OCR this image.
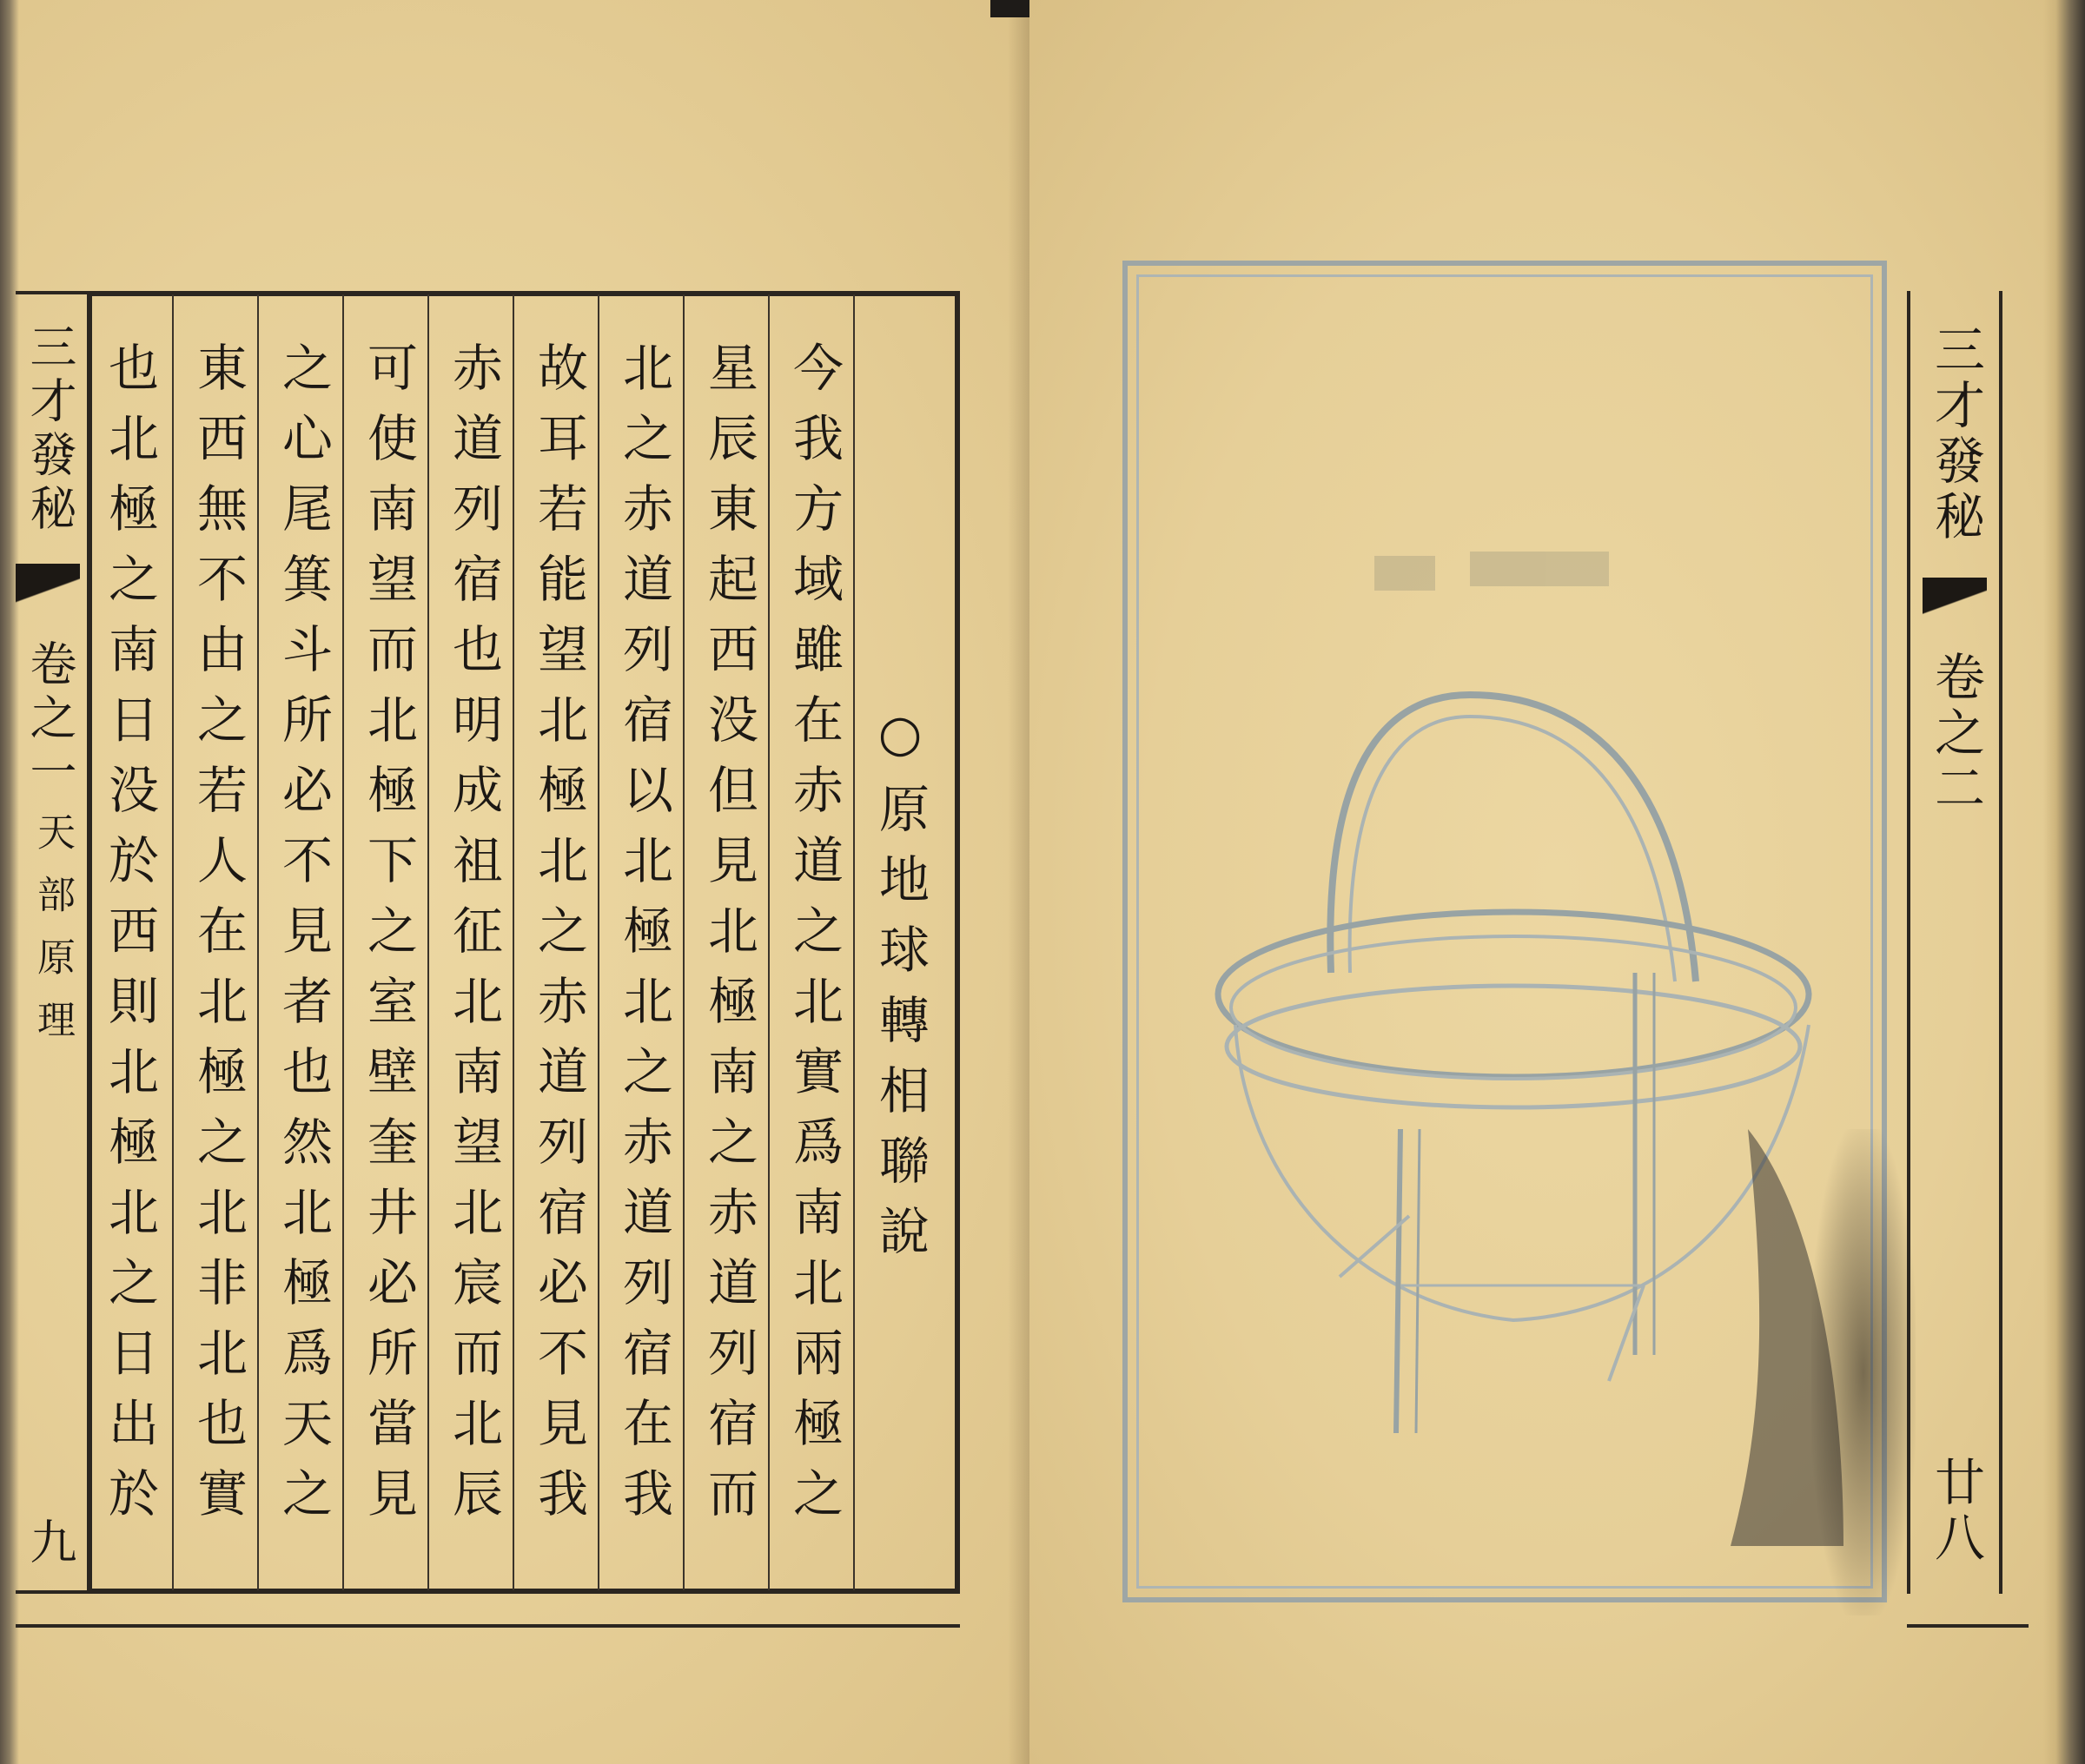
三才發秘
卷之一
天部原理
九
○原地球轉相聯說
今我方域雖在赤道之北實爲南北兩極之
星辰東起西没但見北極南之赤道列宿而
北之赤道列宿以北極北之赤道列宿在我
故耳若能望北極北之赤道列宿必不見我
赤道列宿也明成祖征北南望北宸而北辰
可使南望而北極下之室壁奎井必所當見
之心尾箕斗所必不見者也然北極爲天之
東西無不由之若人在北極之北非北也實
也北極之南日没於西則北極北之日出於
三才發秘
卷之二
廿八
